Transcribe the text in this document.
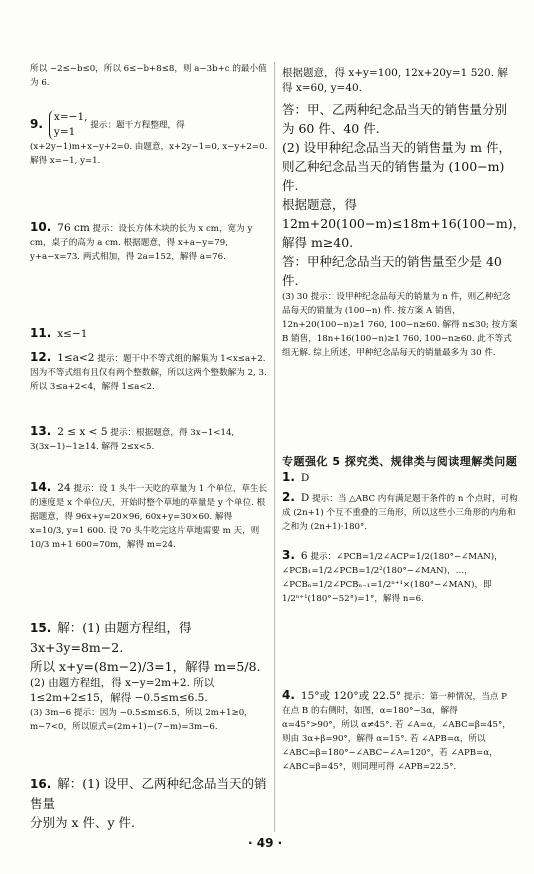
所以 −2≤−b≤0，所以 6≤−b+8≤8，则 a−3b+c 的最小值为 6.

9. x=−1,
y=1 提示：题干方程整理，得(x+2y−1)m+x−y+2=0. 由题意，x+2y−1=0, x−y+2=0. 解得 x=−1, y=1.

10. 76 cm 提示：设长方体木块的长为 x cm，宽为 y cm，桌子的高为 a cm. 根据题意，得 x+a−y=79, y+a−x=73. 两式相加，得 2a=152，解得 a=76.

11. x≤−1

12. 1≤a<2 提示：题干中不等式组的解集为 1<x≤a+2. 因为不等式组有且仅有两个整数解，所以这两个整数解为 2, 3. 所以 3≤a+2<4，解得 1≤a<2.

13. 2 ≤ x < 5 提示：根据题意，得 3x−1<14, 3(3x−1)−1≥14. 解得 2≤x<5.

14. 24 提示：设 1 头牛一天吃的草量为 1 个单位，草生长的速度是 x 个单位/天，开始时整个草地的草量是 y 个单位. 根据题意，得 96x+y=20×96, 60x+y=30×60. 解得 x=10/3, y=1 600. 设 70 头牛吃完这片草地需要 m 天，则 10/3 m+1 600=70m，解得 m=24.

15. 解：(1) 由题方程组，得 3x+3y=8m−2.

所以 x+y=(8m−2)/3=1，解得 m=5/8.

(2) 由题方程组，得 x−y=2m+2. 所以 1≤2m+2≤15，解得 −0.5≤m≤6.5.

(3) 3m−6 提示：因为 −0.5≤m≤6.5，所以 2m+1≥0，m−7<0，所以原式=(2m+1)−(7−m)=3m−6.

16. 解：(1) 设甲、乙两种纪念品当天的销售量

分别为 x 件、y 件.

根据题意，得 x+y=100, 12x+20y=1 520. 解得 x=60, y=40.

答：甲、乙两种纪念品当天的销售量分别为 60 件、40 件.

(2) 设甲种纪念品当天的销售量为 m 件，则乙种纪念品当天的销售量为 (100−m) 件.

根据题意，得 12m+20(100−m)≤18m+16(100−m)，解得 m≥40.

答：甲种纪念品当天的销售量至少是 40 件.

(3) 30 提示：设甲种纪念品每天的销量为 n 件，则乙种纪念品每天的销量为 (100−n) 件. 按方案 A 销售，12n+20(100−n)≥1 760, 100−n≥60. 解得 n≤30; 按方案 B 销售，18n+16(100−n)≥1 760, 100−n≥60. 此不等式组无解. 综上所述，甲种纪念品每天的销量最多为 30 件.

专题强化 5 探究类、规律类与阅读理解类问题

1. D

2. D 提示：当 △ABC 内有满足题干条件的 n 个点时，可构成 (2n+1) 个互不重叠的三角形，所以这些小三角形的内角和之和为 (2n+1)·180°.

3. 6 提示：∠PCB=1/2∠ACP=1/2(180°−∠MAN)，∠PCB₁=1/2∠PCB=1/2²(180°−∠MAN)，…，∠PCBₙ=1/2∠PCBₙ₋₁=1/2ⁿ⁺¹×(180°−∠MAN)，即 1/2ⁿ⁺¹(180°−52°)=1°，解得 n=6.

4. 15°或 120°或 22.5° 提示：第一种情况，当点 P 在点 B 的右侧时，如图，α=180°−3α，解得 α=45°>90°，所以 α≠45°. 若 ∠A=α，∠ABC=β=45°，则由 3α+β=90°，解得 α=15°. 若 ∠APB=α，所以 ∠ABC=β=180°−∠ABC−∠A=120°，若 ∠APB=α，∠ABC=β=45°，则同理可得 ∠APB=22.5°.

· 49 ·
